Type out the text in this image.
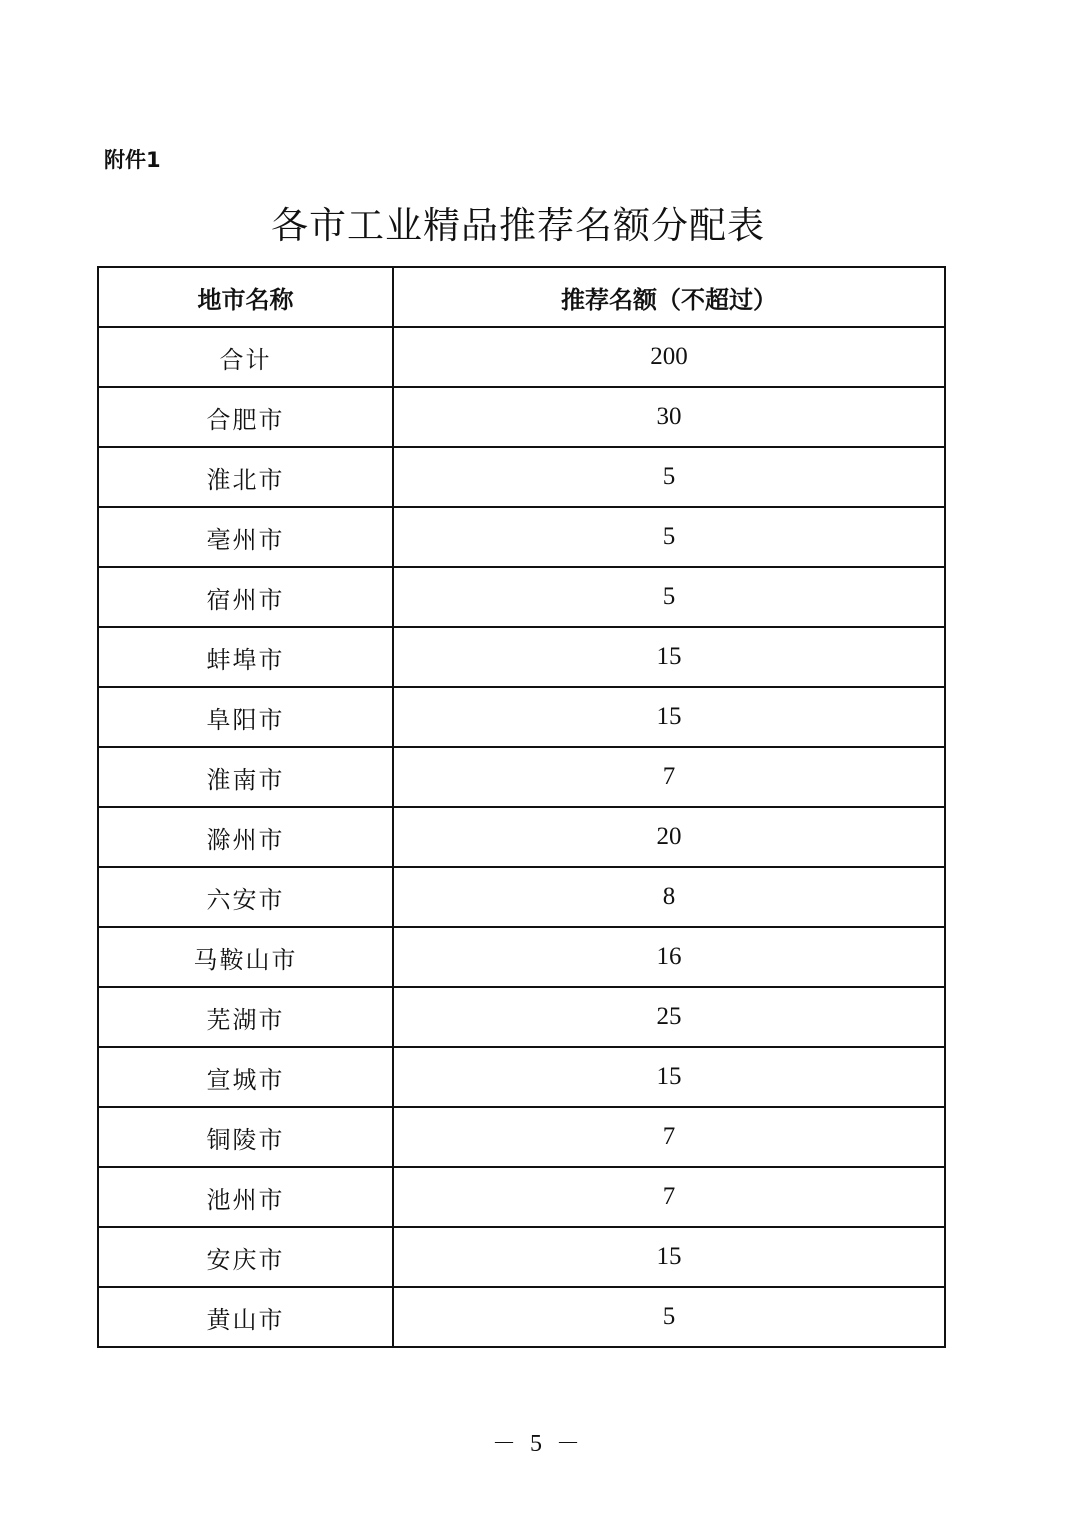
附件1
各市工业精品推荐名额分配表
地市名称	推荐名额（不超过）
合计	200
合肥市	30
淮北市	5
亳州市	5
宿州市	5
蚌埠市	15
阜阳市	15
淮南市	7
滁州市	20
六安市	8
马鞍山市	16
芜湖市	25
宣城市	15
铜陵市	7
池州市	7
安庆市	15
黄山市	5
－ 5 －
